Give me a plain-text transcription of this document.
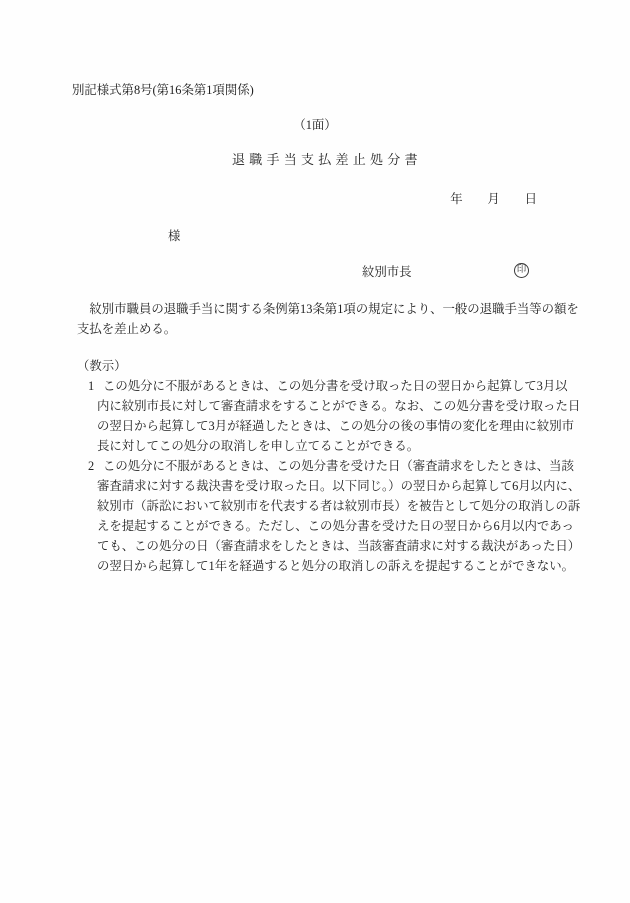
別記様式第8号(第16条第1項関係)
（1面）
退 職 手 当 支 払 差 止 処 分 書
年　　月　　日
様
紋別市長	印
　紋別市職員の退職手当に関する条例第13条第1項の規定により、一般の退職手当等の額を
支払を差止める。
（教示）
1 この処分に不服があるときは、この処分書を受け取った日の翌日から起算して3月以
内に紋別市長に対して審査請求をすることができる。なお、この処分書を受け取った日
の翌日から起算して3月が経過したときは、この処分の後の事情の変化を理由に紋別市
長に対してこの処分の取消しを申し立てることができる。
2 この処分に不服があるときは、この処分書を受けた日（審査請求をしたときは、当該
審査請求に対する裁決書を受け取った日。以下同じ。）の翌日から起算して6月以内に、
紋別市（訴訟において紋別市を代表する者は紋別市長）を被告として処分の取消しの訴
えを提起することができる。ただし、この処分書を受けた日の翌日から6月以内であっ
ても、この処分の日（審査請求をしたときは、当該審査請求に対する裁決があった日）
の翌日から起算して1年を経過すると処分の取消しの訴えを提起することができない。
